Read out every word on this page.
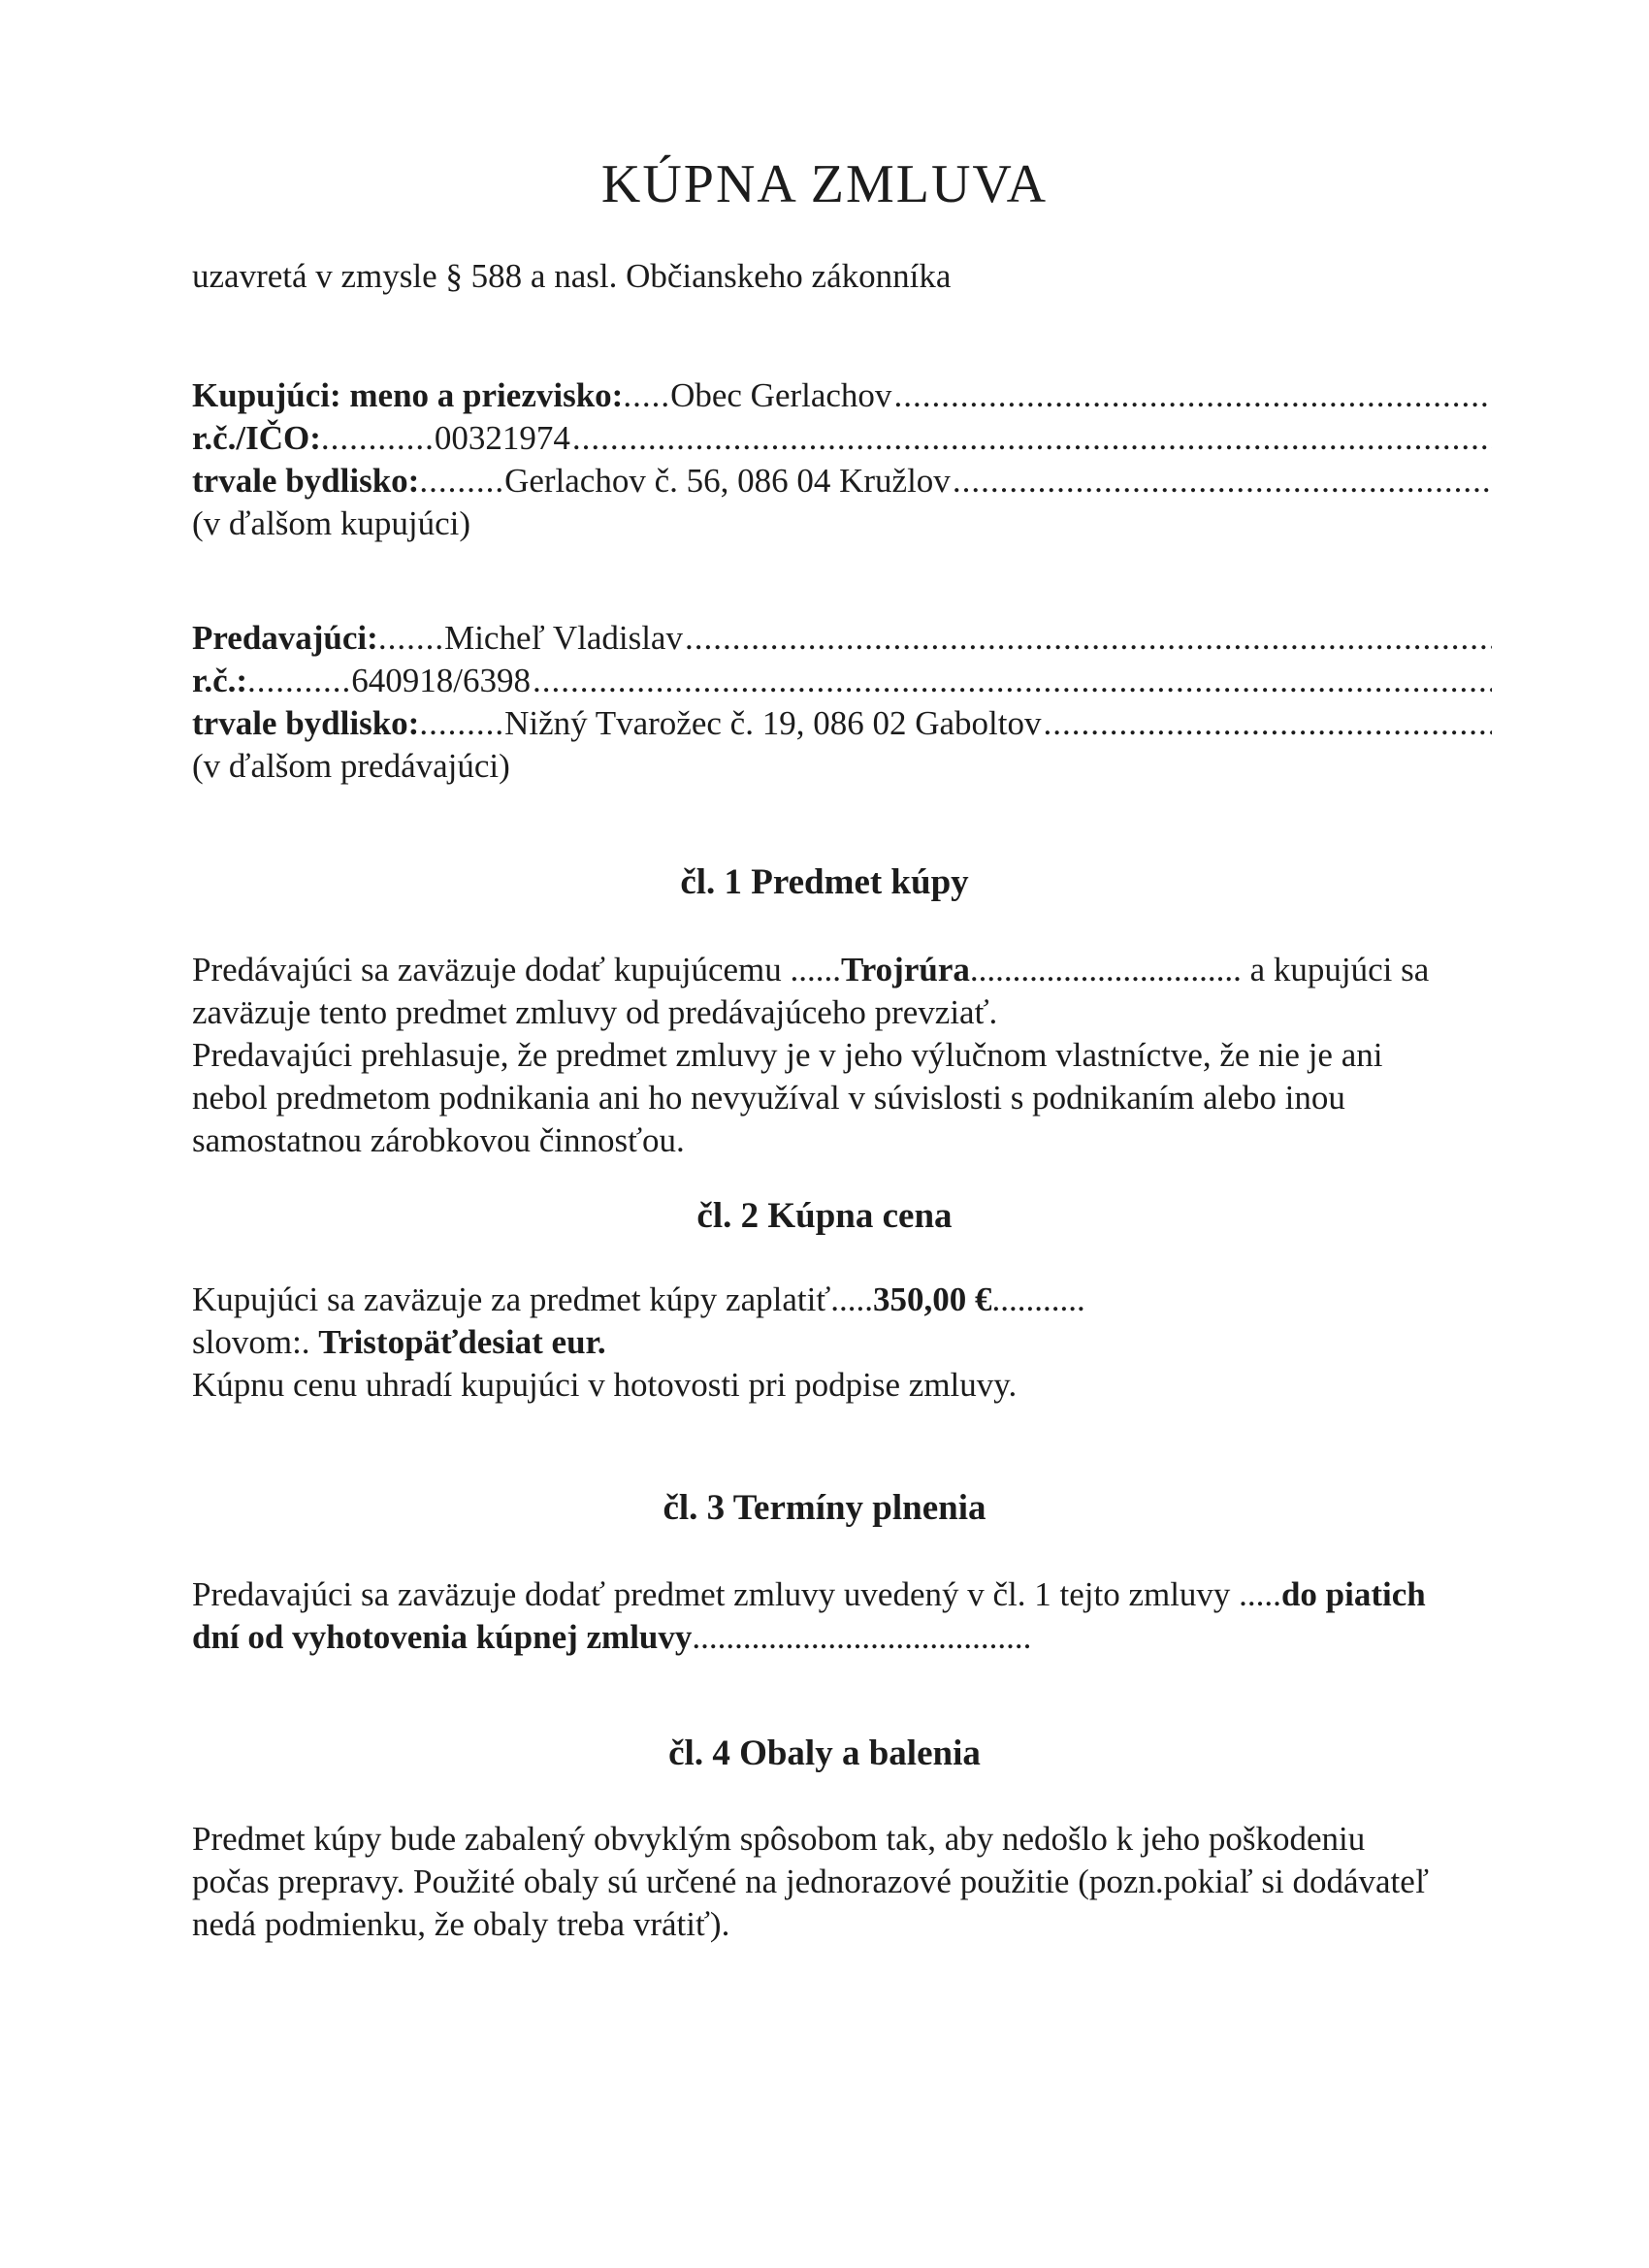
KÚPNA ZMLUVA

uzavretá v zmysle § 588 a nasl. Občianskeho zákonníka

Kupujúci: meno a priezvisko: ..... Obec Gerlachov
.....
r.č./IČO: ............ 00321974
.....
trvale bydlisko: ......... Gerlachov č. 56, 086 04 Kružlov
.....

(v ďalšom kupujúci)

Predavajúci: ....... Micheľ Vladislav
.....
r.č.: ........... 640918/6398
.....
trvale bydlisko: ......... Nižný Tvarožec č. 19, 086 02 Gaboltov
.....

(v ďalšom predávajúci)

čl. 1 Predmet kúpy

Predávajúci sa zaväzuje dodať kupujúcemu ......Trojrúra................................ a kupujúci sa

zaväzuje tento predmet zmluvy od predávajúceho prevziať.

Predavajúci prehlasuje, že predmet zmluvy je v jeho výlučnom vlastníctve, že nie je ani

nebol predmetom podnikania ani ho nevyužíval v súvislosti s podnikaním alebo inou

samostatnou zárobkovou činnosťou.

čl. 2 Kúpna cena

Kupujúci sa zaväzuje za predmet kúpy zaplatiť.....350,00 €...........

slovom:. Tristopäťdesiat eur.

Kúpnu cenu uhradí kupujúci v hotovosti pri podpise zmluvy.

čl. 3 Termíny plnenia

Predavajúci sa zaväzuje dodať predmet zmluvy uvedený v čl. 1 tejto zmluvy .....do piatich

dní od vyhotovenia kúpnej zmluvy........................................

čl. 4 Obaly a balenia

Predmet kúpy bude zabalený obvyklým spôsobom tak, aby nedošlo k jeho poškodeniu

počas prepravy. Použité obaly sú určené na jednorazové použitie (pozn.pokiaľ si dodávateľ

nedá podmienku, že obaly treba vrátiť).
